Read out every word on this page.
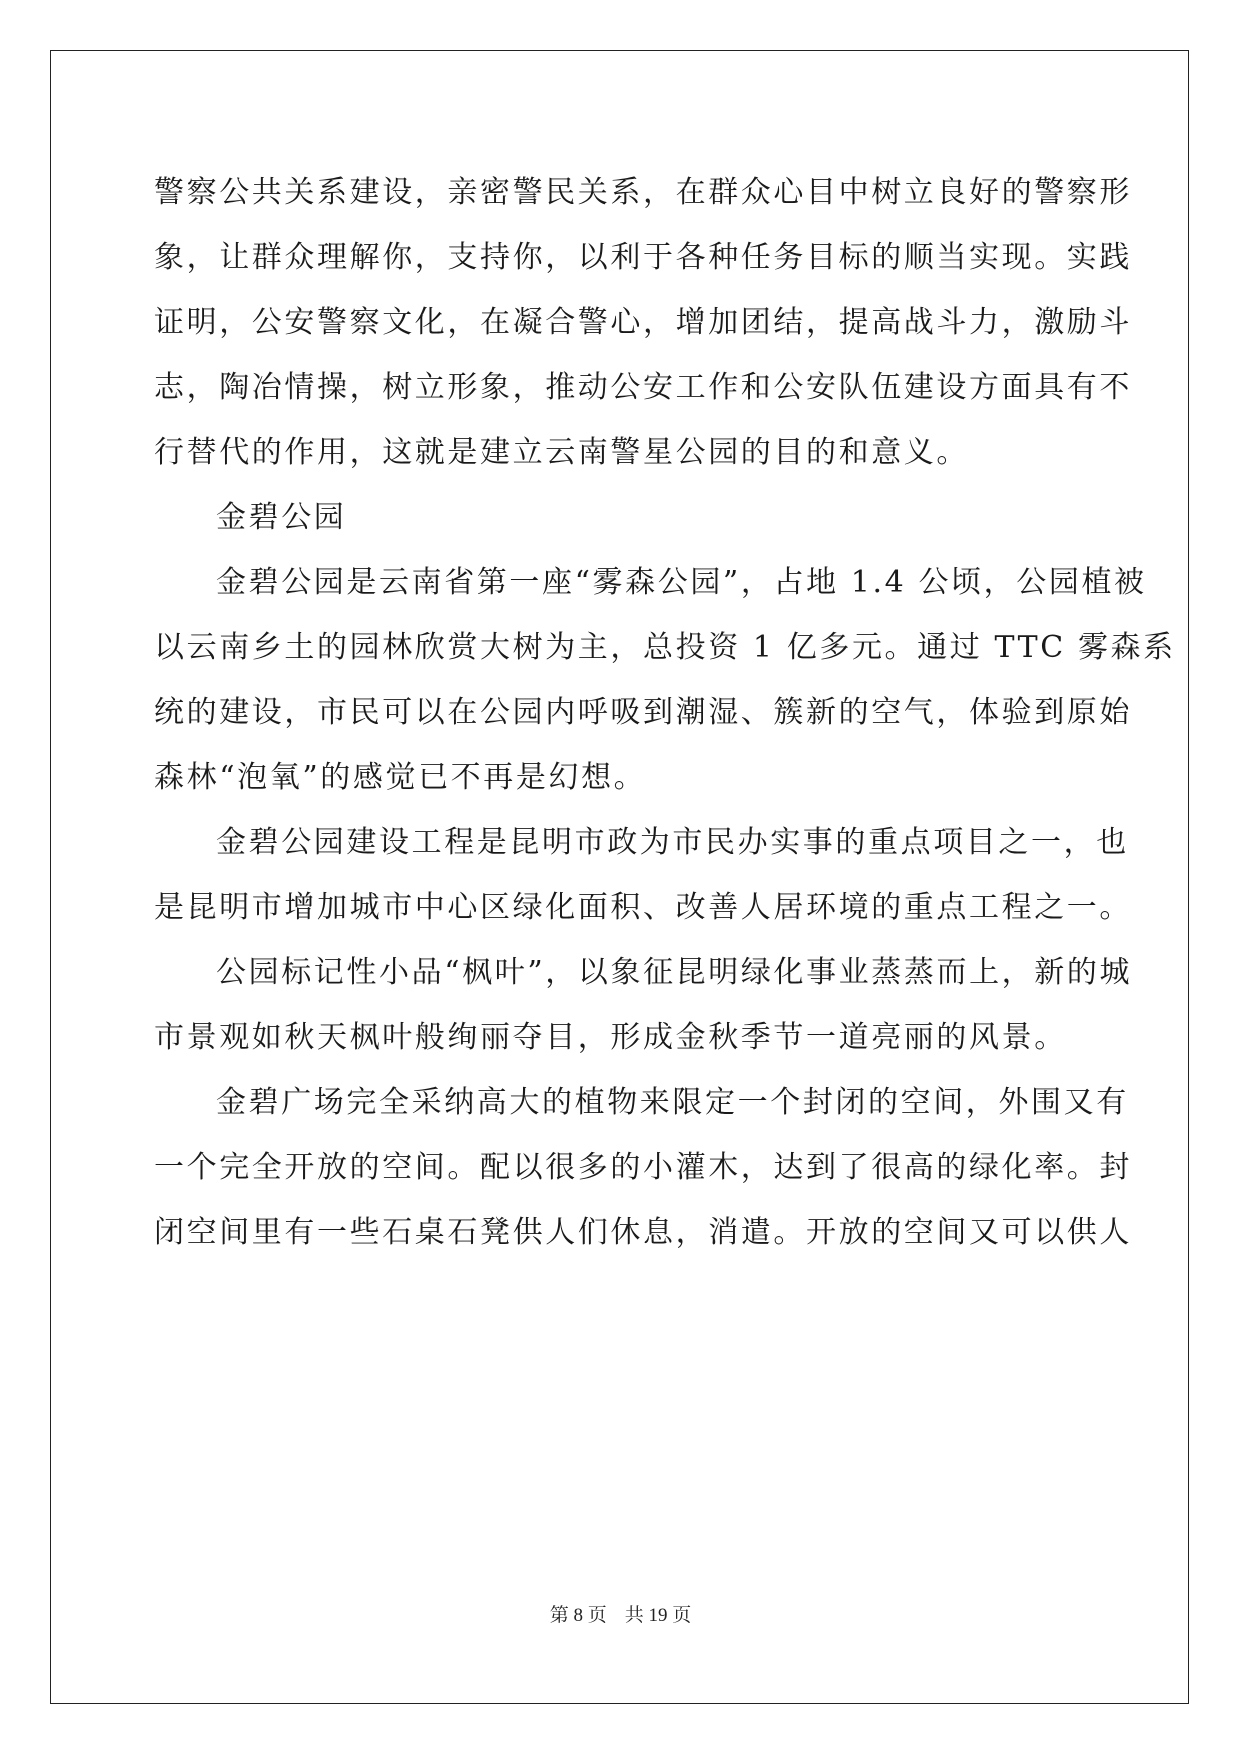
警察公共关系建设，亲密警民关系，在群众心目中树立良好的警察形
象，让群众理解你，支持你，以利于各种任务目标的顺当实现。实践
证明，公安警察文化，在凝合警心，增加团结，提高战斗力，激励斗
志，陶冶情操，树立形象，推动公安工作和公安队伍建设方面具有不
行替代的作用，这就是建立云南警星公园的目的和意义。
金碧公园
金碧公园是云南省第一座“雾森公园”，占地 1.4 公顷，公园植被
以云南乡土的园林欣赏大树为主，总投资 1 亿多元。通过 TTC 雾森系
统的建设，市民可以在公园内呼吸到潮湿、簇新的空气，体验到原始
森林“泡氧”的感觉已不再是幻想。
金碧公园建设工程是昆明市政为市民办实事的重点项目之一，也
是昆明市增加城市中心区绿化面积、改善人居环境的重点工程之一。
公园标记性小品“枫叶”，以象征昆明绿化事业蒸蒸而上，新的城
市景观如秋天枫叶般绚丽夺目，形成金秋季节一道亮丽的风景。
金碧广场完全采纳高大的植物来限定一个封闭的空间，外围又有
一个完全开放的空间。配以很多的小灌木，达到了很高的绿化率。封
闭空间里有一些石桌石凳供人们休息，消遣。开放的空间又可以供人
第 8 页 共 19 页
